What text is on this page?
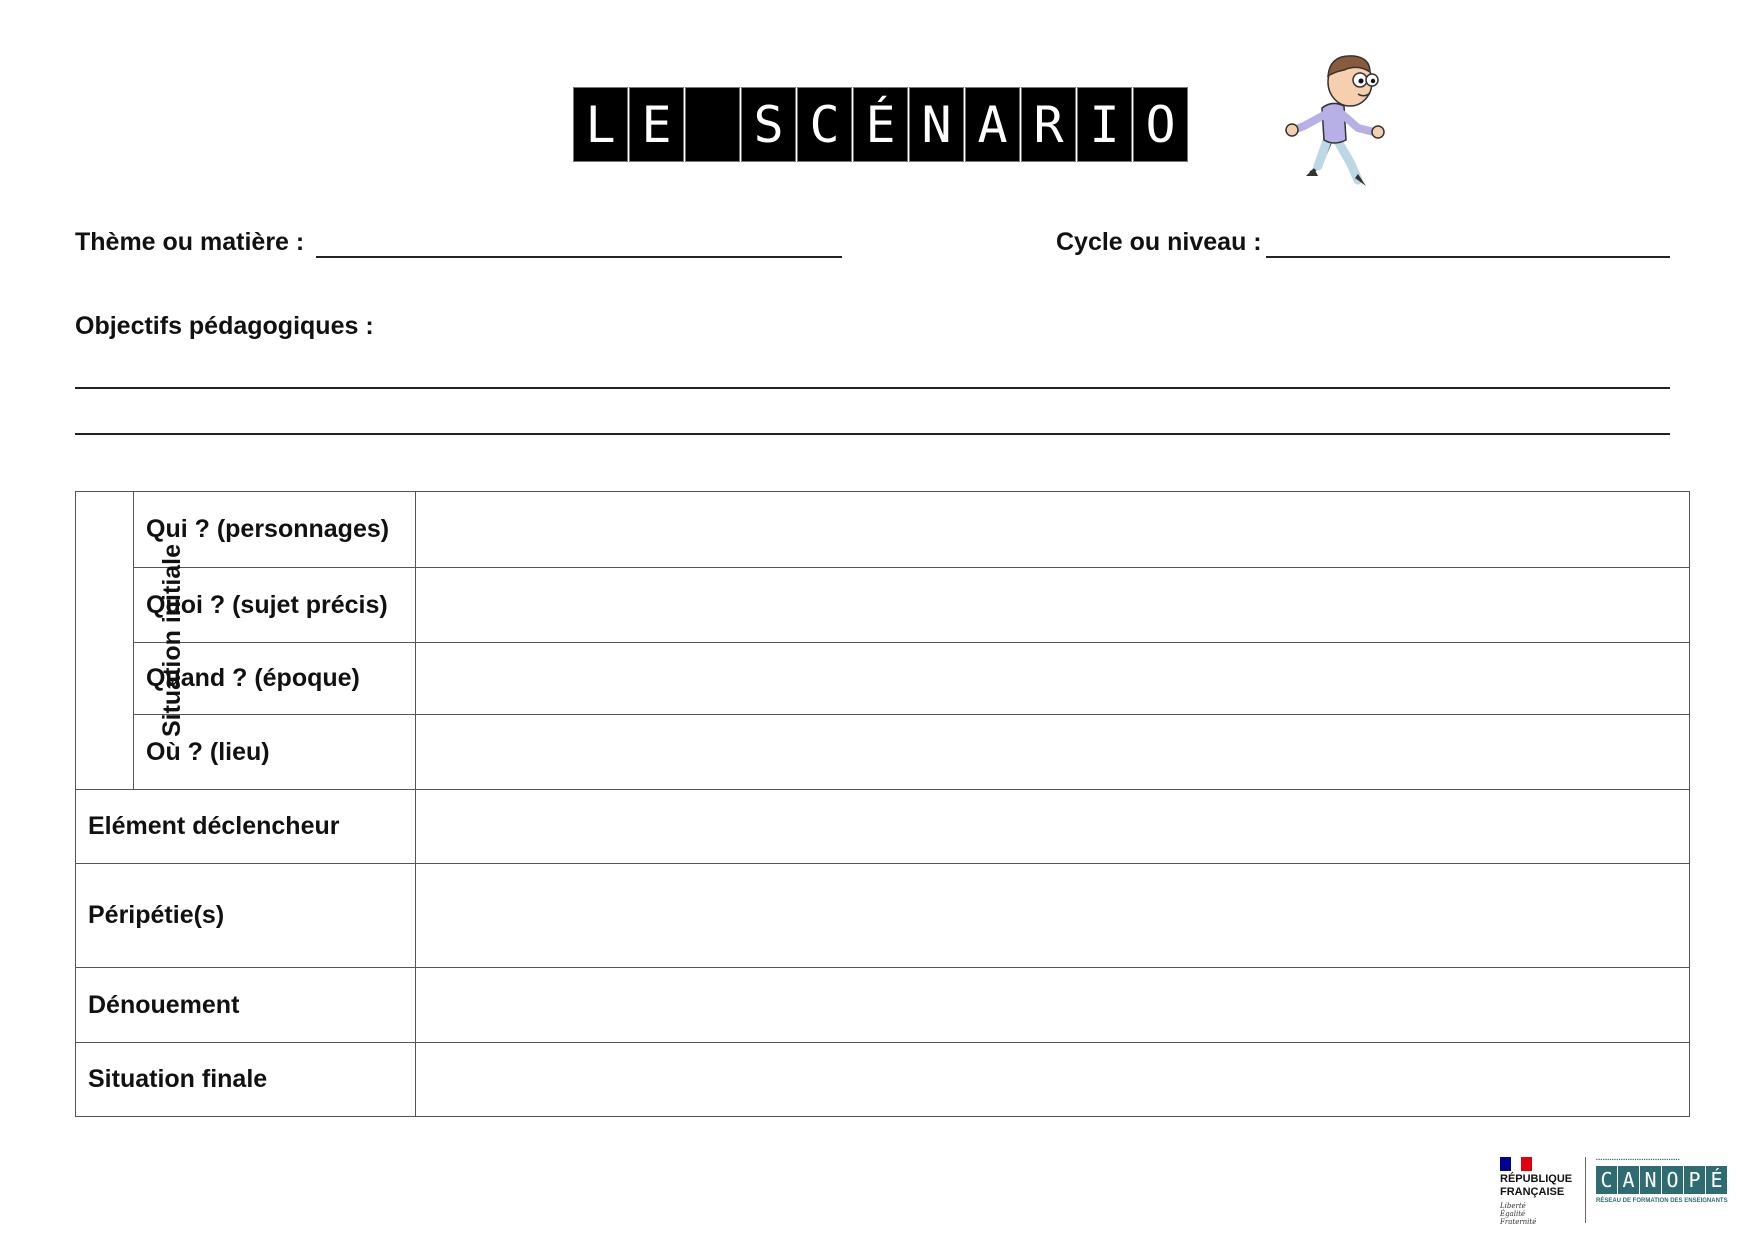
L E S C É N A R I O
Thème ou matière :	Cycle ou niveau :
Objectifs pédagogiques :
Situation initiale	Qui ? (personnages)	
	Quoi ? (sujet précis)	
	Quand ? (époque)	
	Où ? (lieu)	
Elément déclencheur		
Péripétie(s)		
Dénouement		
Situation finale		
RÉPUBLIQUE
FRANÇAISE
Liberté
Égalité
Fraternité
▪▪▪▪▪▪▪▪▪▪▪▪▪▪▪▪▪▪▪▪▪▪▪▪▪▪▪▪▪▪▪▪▪▪▪▪▪
C A N O P É
RÉSEAU DE FORMATION DES ENSEIGNANTS
